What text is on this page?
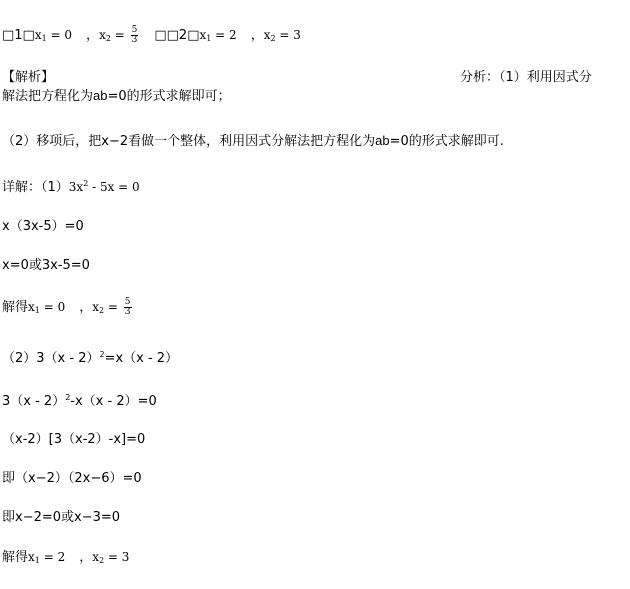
$□1□x_1 = 0$ ，$x_2 = \frac{5}{3}$ $□□2□x_1 = 2$ ，$x_2 = 3$
【解析】	分析：（1）利用因式分
解法把方程化为ab=0的形式求解即可；
（2）移项后，把x−2看做一个整体，利用因式分解法把方程化为ab=0的形式求解即可.
详解：$(1)3x^2 - 5x = 0$
x（3x-5）=0
x=0或3x-5=0
解得$x_1 = 0$ ，$x_2 = \frac{5}{3}$
（2）3（x - 2）$^2$=x（x - 2）
3（x - 2）$^2$-x（x - 2）=0
（x-2）[3（x-2）-x]=0
即（x−2）（2x−6）=0
即x−2=0或x−3=0
解得$x_1 = 2$ ，$x_2 = 3$
